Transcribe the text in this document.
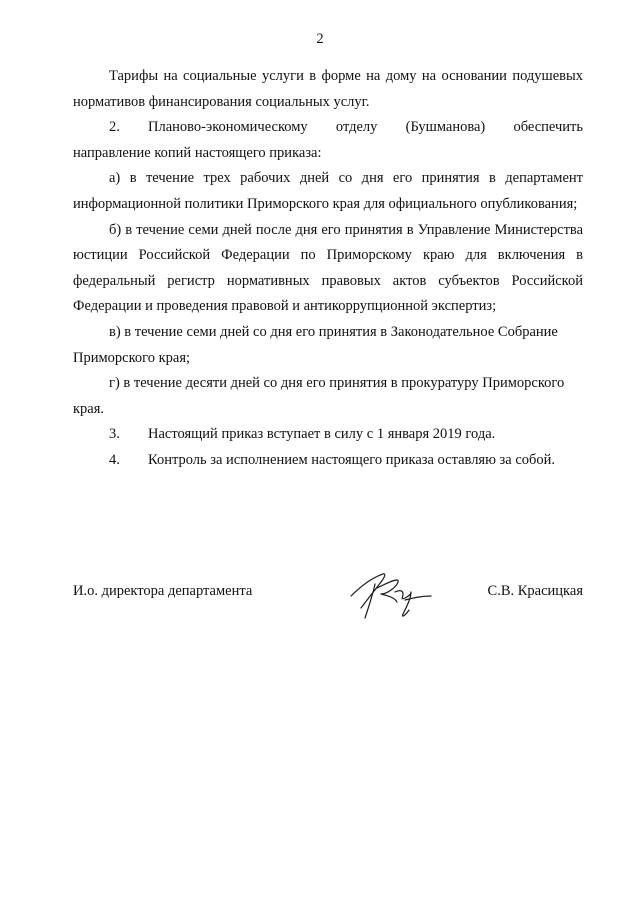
2

Тарифы на социальные услуги в форме на дому на основании подушевых нормативов финансирования социальных услуг.

2. Планово-экономическому отделу (Бушманова) обеспечить направление копий настоящего приказа:

а) в течение трех рабочих дней со дня его принятия в департамент информационной политики Приморского края для официального опубликования;

б) в течение семи дней после дня его принятия в Управление Министерства юстиции Российской Федерации по Приморскому краю для включения в федеральный регистр нормативных правовых актов субъектов Российской Федерации и проведения правовой и антикоррупционной экспертиз;

в) в течение семи дней со дня его принятия в Законодательное Собрание Приморского края;

г) в течение десяти дней со дня его принятия в прокуратуру Приморского края.

3. Настоящий приказ вступает в силу с 1 января 2019 года.

4. Контроль за исполнением настоящего приказа оставляю за собой.

И.о. директора департамента	С.В. Красицкая
